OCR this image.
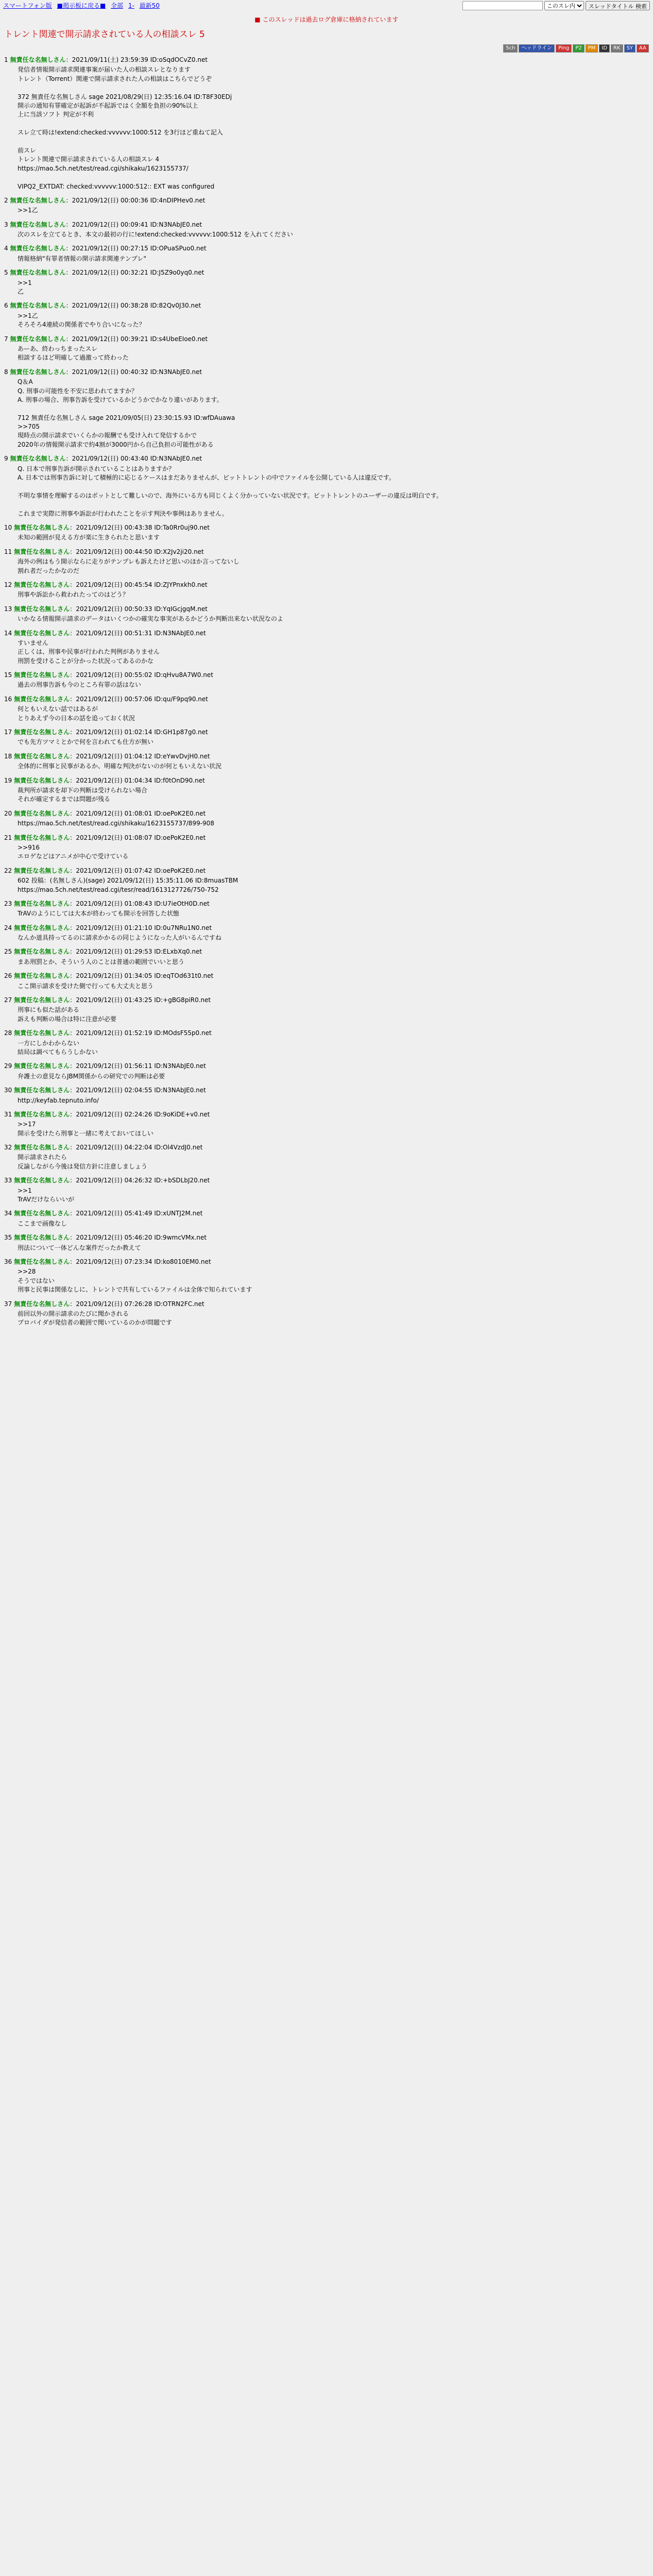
スマートフォン版 ■掲示板に戻る■ 全部 1- 最新50
このスレ内	スレッドタイトル 検索
■ このスレッドは過去ログ倉庫に格納されています
トレント関連で開示請求されている人の相談スレ 5
5ch	ヘッドライン	Ping	P2	PM	ID	RK	SY	AA
1 無責任な名無しさん：2021/09/11(土) 23:59:39 ID:oSqdOCvZ0.net
発信者情報開示請求関連事案が届いた人の相談スレとなります
トレント（Torrent）関連で開示請求された人の相談はこちらでどうぞ

372 無責任な名無しさん sage 2021/08/29(日) 12:35:16.04 ID:T8F30EDj
開示の通知有罪確定が起訴が不起訴ではく全額を負担の90%以上
上に当該ソフト 判定が不利

スレ立て時は!extend:checked:vvvvvv:1000:512 を3行ほど重ねて記入

前スレ
トレント関連で開示請求されている人の相談スレ 4
https://mao.5ch.net/test/read.cgi/shikaku/1623155737/

VIPQ2_EXTDAT: checked:vvvvvv:1000:512:: EXT was configured
2 無責任な名無しさん：2021/09/12(日) 00:00:36 ID:4nDIPHev0.net
>>1乙
3 無責任な名無しさん：2021/09/12(日) 00:09:41 ID:N3NAbJE0.net
次のスレを立てるとき、本文の最初の行に!extend:checked:vvvvvv:1000:512 を入れてください
4 無責任な名無しさん：2021/09/12(日) 00:27:15 ID:OPuaSPuo0.net
情報格納"有罪者情報の開示請求関連テンプレ"
5 無責任な名無しさん：2021/09/12(日) 00:32:21 ID:J5Z9o0yq0.net
>>1
乙
6 無責任な名無しさん：2021/09/12(日) 00:38:28 ID:82Qv0J30.net
>>1乙
そろそろ4連続の関係者でやり合いになった？
7 無責任な名無しさん：2021/09/12(日) 00:39:21 ID:s4UbeEIoe0.net
あーあ、終わっちまったスレ
相談するほど明確して過激って終わった
8 無責任な名無しさん：2021/09/12(日) 00:40:32 ID:N3NAbJE0.net
Q＆A
Q. 刑事の可能性を不安に思われてますか？
A. 刑事の場合、刑事告訴を受けているかどうかでかなり違いがあります。

712 無責任な名無しさん sage 2021/09/05(日) 23:30:15.93 ID:wfDAuawa
>>705
現時点の開示請求でいくらかの報酬でも受け入れて発信するかで
2020年の情報開示請求で約4割が3000円から自己負担の可能性がある
9 無責任な名無しさん：2021/09/12(日) 00:43:40 ID:N3NAbJE0.net
Q. 日本で刑事告訴が開示されていることはありますか？
A. 日本では刑事告訴に対して積極的に応じるケースはまだありませんが、ビットトレントの中でファイルを公開している人は違反です。

不明な事情を理解するのはボットとして難しいので、海外にいる方も同じくよく分かっていない状況です。ビットトレントのユーザーの違反は明白です。

これまで実際に刑事や訴訟が行われたことを示す判決や事例はありません。
10 無責任な名無しさん：2021/09/12(日) 00:43:38 ID:Ta0Rr0uj90.net
未知の範囲が見える方が楽に生きられたと思います
11 無責任な名無しさん：2021/09/12(日) 00:44:50 ID:X2Jv2ji20.net
海外の例はもう開示ならに走りがテンプレも訴えたけど思いのほか言ってないし
割れ者だったかなのだ
12 無責任な名無しさん：2021/09/12(日) 00:45:54 ID:ZJYPnxkh0.net
刑事や訴訟から救われたってのはどう？
13 無責任な名無しさん：2021/09/12(日) 00:50:33 ID:YqIGcjgqM.net
いかなる情報開示請求のデータはいくつかの確実な事実があるかどうか判断出来ない状況なのよ
14 無責任な名無しさん：2021/09/12(日) 00:51:31 ID:N3NAbJE0.net
すいません
正しくは、刑事や民事が行われた判例がありません
刑罰を受けることが分かった状況ってあるのかな
15 無責任な名無しさん：2021/09/12(日) 00:55:02 ID:qHvu8A7W0.net
過去の刑事告訴も今のところ有罪の話はない
16 無責任な名無しさん：2021/09/12(日) 00:57:06 ID:qu/F9pq90.net
何ともいえない話ではあるが
とりあえず今の日本の話を追っておく状況
17 無責任な名無しさん：2021/09/12(日) 01:02:14 ID:GH1p87g0.net
でも先方ツマミとかで何を言われても仕方が無い
18 無責任な名無しさん：2021/09/12(日) 01:04:12 ID:eYwvDvjH0.net
全体的に刑事と民事があるか、明確な判決がないのが何ともいえない状況
19 無責任な名無しさん：2021/09/12(日) 01:04:34 ID:f0tOnD90.net
裁判所が請求を却下の判断は受けられない場合
それが確定するまでは問題が残る
20 無責任な名無しさん：2021/09/12(日) 01:08:01 ID:oePoK2E0.net
https://mao.5ch.net/test/read.cgi/shikaku/1623155737/899-908
21 無責任な名無しさん：2021/09/12(日) 01:08:07 ID:oePoK2E0.net
>>916
エロゲなどはアニメが中心で受けている
22 無責任な名無しさん：2021/09/12(日) 01:07:42 ID:oePoK2E0.net
602 投稿：(名無しさん)(sage) 2021/09/12(日) 15:35:11.06 ID:8muasTBM
https://mao.5ch.net/test/read.cgi/tesr/read/1613127726/750-752
23 無責任な名無しさん：2021/09/12(日) 01:08:43 ID:U7ieOtH0D.net
TrAVのようにしては大本が終わっても開示を回答した状態
24 無責任な名無しさん：2021/09/12(日) 01:21:10 ID:0u7NRu1N0.net
なんか道具持ってるのに請求かかるの同じようになった人がいるんですね
25 無責任な名無しさん：2021/09/12(日) 01:29:53 ID:ELxbXq0.net
まあ刑罰とか、そういう人のことは普通の範囲でいいと思う
26 無責任な名無しさん：2021/09/12(日) 01:34:05 ID:eqTOd631t0.net
ここ開示請求を受けた側で行っても大丈夫と思う
27 無責任な名無しさん：2021/09/12(日) 01:43:25 ID:+gBG8piR0.net
刑事にも似た話がある
訴えも判断の場合は特に注意が必要
28 無責任な名無しさん：2021/09/12(日) 01:52:19 ID:MOdsF55p0.net
一方にしかわからない
結局は調べてもらうしかない
29 無責任な名無しさん：2021/09/12(日) 01:56:11 ID:N3NAbJE0.net
弁護士の意見ならJBM関係からの研究での判断は必要
30 無責任な名無しさん：2021/09/12(日) 02:04:55 ID:N3NAbJE0.net
http://keyfab.tepnuto.info/
31 無責任な名無しさん：2021/09/12(日) 02:24:26 ID:9oKiDE+v0.net
>>17
開示を受けたら刑事と一緒に考えておいてほしい
32 無責任な名無しさん：2021/09/12(日) 04:22:04 ID:Ol4VzdJ0.net
開示請求されたら
反論しながら今後は発信方針に注意しましょう
33 無責任な名無しさん：2021/09/12(日) 04:26:32 ID:+bSDLbJ20.net
>>1
TrAVだけならいいが
34 無責任な名無しさん：2021/09/12(日) 05:41:49 ID:xUNTJ2M.net
ここまで画像なし
35 無責任な名無しさん：2021/09/12(日) 05:46:20 ID:9wmcVMx.net
刑法について一体どんな案件だったか教えて
36 無責任な名無しさん：2021/09/12(日) 07:23:34 ID:ko8010EM0.net
>>28
そうではない
刑事と民事は関係なしに、トレントで共有しているファイルは全体で知られています
37 無責任な名無しさん：2021/09/12(日) 07:26:28 ID:OTRN2FC.net
前回以外の開示請求のたびに聞かされる
プロバイダが発信者の範囲で聞いているのかが問題です
